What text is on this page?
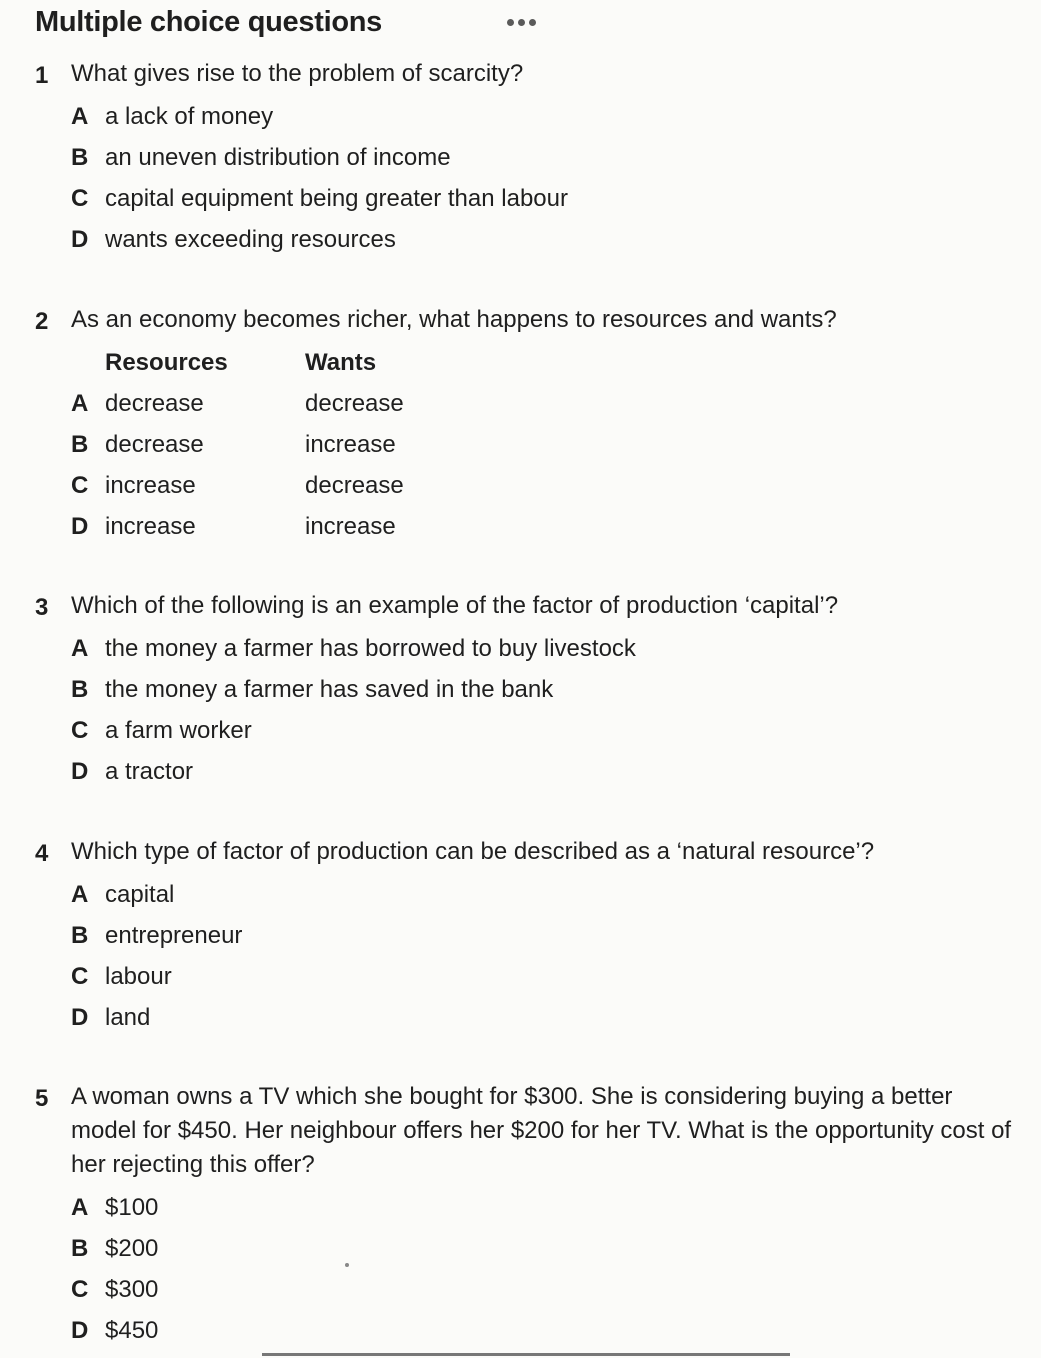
Multiple choice questions
1 What gives rise to the problem of scarcity?
A a lack of money
B an uneven distribution of income
C capital equipment being greater than labour
D wants exceeding resources
2 As an economy becomes richer, what happens to resources and wants?
Resources	Wants
A decrease	decrease
B decrease	increase
C increase	decrease
D increase	increase
3 Which of the following is an example of the factor of production ‘capital’?
A the money a farmer has borrowed to buy livestock
B the money a farmer has saved in the bank
C a farm worker
D a tractor
4 Which type of factor of production can be described as a ‘natural resource’?
A capital
B entrepreneur
C labour
D land
5 A woman owns a TV which she bought for $300. She is considering buying a better model for $450. Her neighbour offers her $200 for her TV. What is the opportunity cost of her rejecting this offer?
A $100
B $200
C $300
D $450
